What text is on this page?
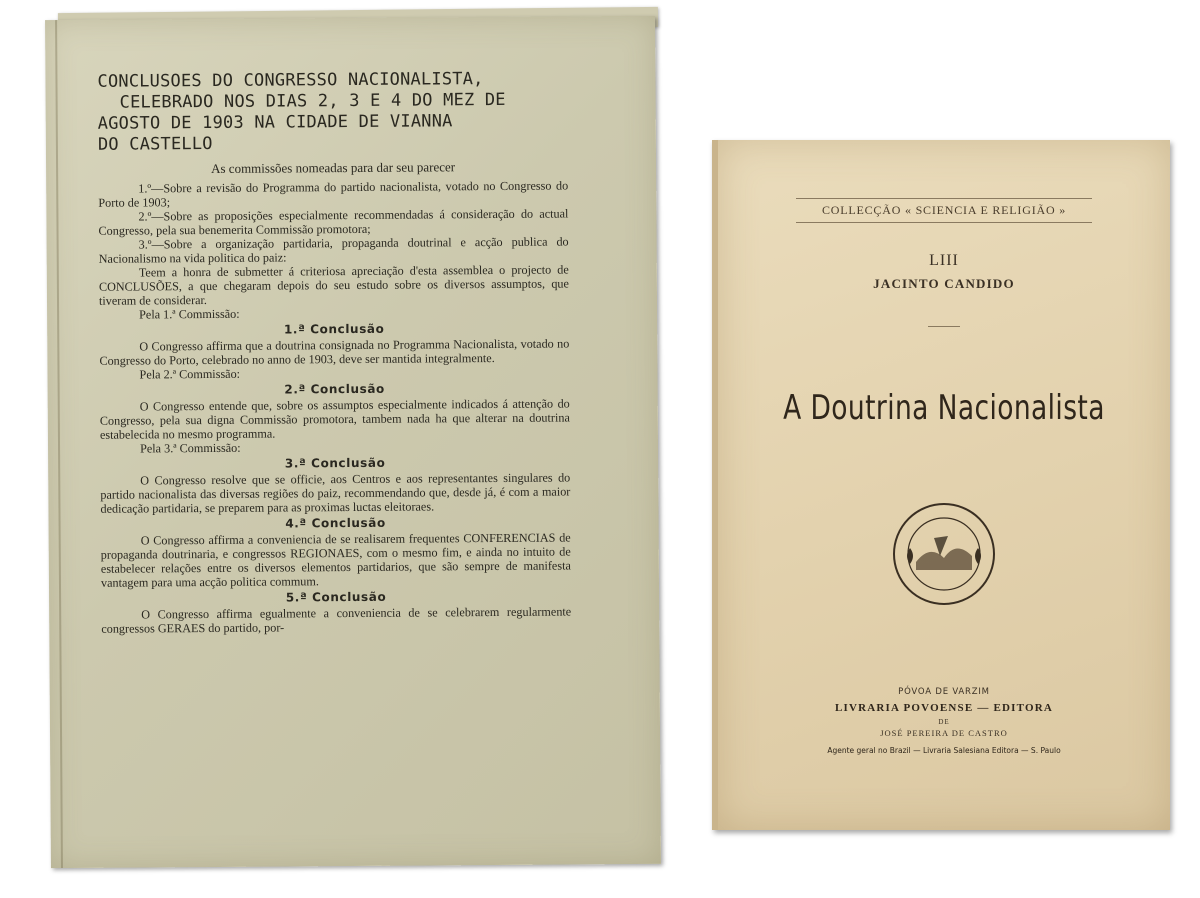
CONCLUSOES DO CONGRESSO NACIONALISTA,
CELEBRADO NOS DIAS 2, 3 E 4 DO MEZ DE
AGOSTO DE 1903 NA CIDADE DE VIANNA
DO CASTELLO
As commissões nomeadas para dar seu parecer

1.º—Sobre a revisão do Programma do partido nacionalista, votado no Congresso do Porto de 1903;

2.º—Sobre as proposições especialmente recommendadas á consideração do actual Congresso, pela sua benemerita Commissão promotora;

3.º—Sobre a organização partidaria, propaganda doutrinal e acção publica do Nacionalismo na vida politica do paiz:

Teem a honra de submetter á criteriosa apreciação d'esta assemblea o projecto de CONCLUSÕES, a que chegaram depois do seu estudo sobre os diversos assumptos, que tiveram de considerar.

Pela 1.ª Commissão:

1.ª Conclusão

O Congresso affirma que a doutrina consignada no Programma Nacionalista, votado no Congresso do Porto, celebrado no anno de 1903, deve ser mantida integralmente.

Pela 2.ª Commissão:

2.ª Conclusão

O Congresso entende que, sobre os assumptos especialmente indicados á attenção do Congresso, pela sua digna Commissão promotora, tambem nada ha que alterar na doutrina estabelecida no mesmo programma.

Pela 3.ª Commissão:

3.ª Conclusão

O Congresso resolve que se officie, aos Centros e aos representantes singulares do partido nacionalista das diversas regiões do paiz, recommendando que, desde já, é com a maior dedicação partidaria, se preparem para as proximas luctas eleitoraes.

4.ª Conclusão

O Congresso affirma a conveniencia de se realisarem frequentes CONFERENCIAS de propaganda doutrinaria, e congressos REGIONAES, com o mesmo fim, e ainda no intuito de estabelecer relações entre os diversos elementos partidarios, que são sempre de manifesta vantagem para uma acção politica commum.

5.ª Conclusão

O Congresso affirma egualmente a conveniencia de se celebrarem regularmente congressos GERAES do partido, por-

COLLECÇÃO « SCIENCIA E RELIGIÃO »
LIII
JACINTO CANDIDO
A Doutrina Nacionalista
PÓVOA DE VARZIM
LIVRARIA POVOENSE — EDITORA
DE
JOSÉ PEREIRA DE CASTRO
Agente geral no Brazil — Livraria Salesiana Editora — S. Paulo
